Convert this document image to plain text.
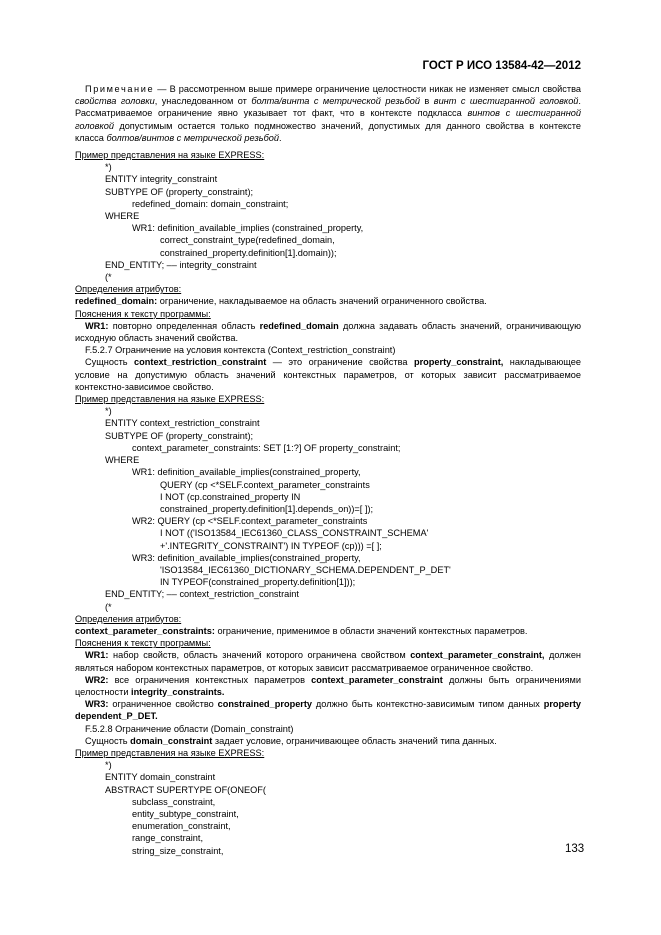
ГОСТ Р ИСО 13584-42—2012

Примечание — В рассмотренном выше примере ограничение целостности никак не изменяет смысл свойства свойства головки, унаследованном от болта/винта с метрической резьбой в винт с шестигранной головкой. Рассматриваемое ограничение явно указывает тот факт, что в контексте подкласса винтов с шестигранной головкой допустимым остается только подмножество значений, допустимых для данного свойства в контексте класса болтов/винтов с метрической резьбой.

Пример представления на языке EXPRESS:

*)
ENTITY integrity_constraint
SUBTYPE OF (property_constraint);
redefined_domain: domain_constraint;
WHERE
WR1: definition_available_implies (constrained_property,
correct_constraint_type(redefined_domain,
constrained_property.definition[1].domain));
END_ENTITY; –– integrity_constraint
(*

Определения атрибутов:

redefined_domain: ограничение, накладываемое на область значений ограниченного свойства.

Пояснения к тексту программы:

WR1: повторно определенная область redefined_domain должна задавать область значений, ограничивающую исходную область значений свойства.

F.5.2.7 Ограничение на условия контекста (Context_restriction_constraint)

Сущность context_restriction_constraint — это ограничение свойства property_constraint, накладывающее условие на допустимую область значений контекстных параметров, от которых зависит рассматриваемое контекстно-зависимое свойство.

Пример представления на языке EXPRESS:

*)
ENTITY context_restriction_constraint
SUBTYPE OF (property_constraint);
context_parameter_constraints: SET [1:?] OF property_constraint;
WHERE
WR1: definition_available_implies(constrained_property,
QUERY (cp <*SELF.context_parameter_constraints
I NOT (cp.constrained_property IN
constrained_property.definition[1].depends_on))=[ ]);
WR2: QUERY (cp <*SELF.context_parameter_constraints
I NOT (('ISO13584_IEC61360_CLASS_CONSTRAINT_SCHEMA'
+'.INTEGRITY_CONSTRAINT') IN TYPEOF (cp))) =[ ];
WR3: definition_available_implies(constrained_property,
'ISO13584_IEC61360_DICTIONARY_SCHEMA.DEPENDENT_P_DET'
IN TYPEOF(constrained_property.definition[1]));
END_ENTITY; –– context_restriction_constraint
(*

Определения атрибутов:

context_parameter_constraints: ограничение, применимое в области значений контекстных параметров.

Пояснения к тексту программы:

WR1: набор свойств, область значений которого ограничена свойством context_parameter_constraint, должен являться набором контекстных параметров, от которых зависит рассматриваемое ограниченное свойство.

WR2: все ограничения контекстных параметров context_parameter_constraint должны быть ограничениями целостности integrity_constraints.

WR3: ограниченное свойство constrained_property должно быть контекстно-зависимым типом данных property dependent_P_DET.

F.5.2.8 Ограничение области (Domain_constraint)

Сущность domain_constraint задает условие, ограничивающее область значений типа данных.

Пример представления на языке EXPRESS:

*)
ENTITY domain_constraint
ABSTRACT SUPERTYPE OF(ONEOF(
subclass_constraint,
entity_subtype_constraint,
enumeration_constraint,
range_constraint,
string_size_constraint,	133
